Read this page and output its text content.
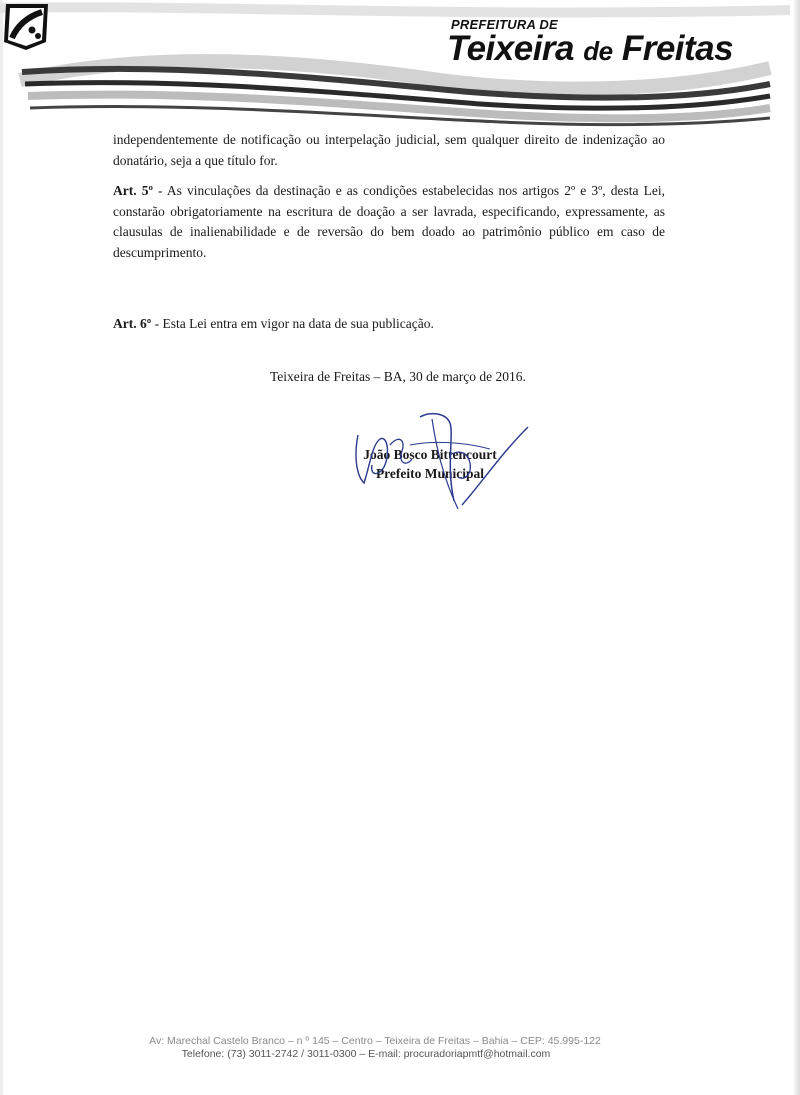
PREFEITURA DE
Teixeira de Freitas
independentemente de notificação ou interpelação judicial, sem qualquer direito de indenização ao donatário, seja a que título for.
Art. 5º - As vinculações da destinação e as condições estabelecidas nos artigos 2º e 3º, desta Lei, constarão obrigatoriamente na escritura de doação a ser lavrada, especificando, expressamente, as clausulas de inalienabilidade e de reversão do bem doado ao patrimônio público em caso de descumprimento.
Art. 6º - Esta Lei entra em vigor na data de sua publicação.
Teixeira de Freitas – BA, 30 de março de 2016.
João Bosco Bittencourt
Prefeito Municipal
Av: Marechal Castelo Branco – n º 145 – Centro – Teixeira de Freitas – Bahia – CEP: 45.995-122
Telefone: (73) 3011-2742 / 3011-0300 – E-mail: procuradoriapmtf@hotmail.com
